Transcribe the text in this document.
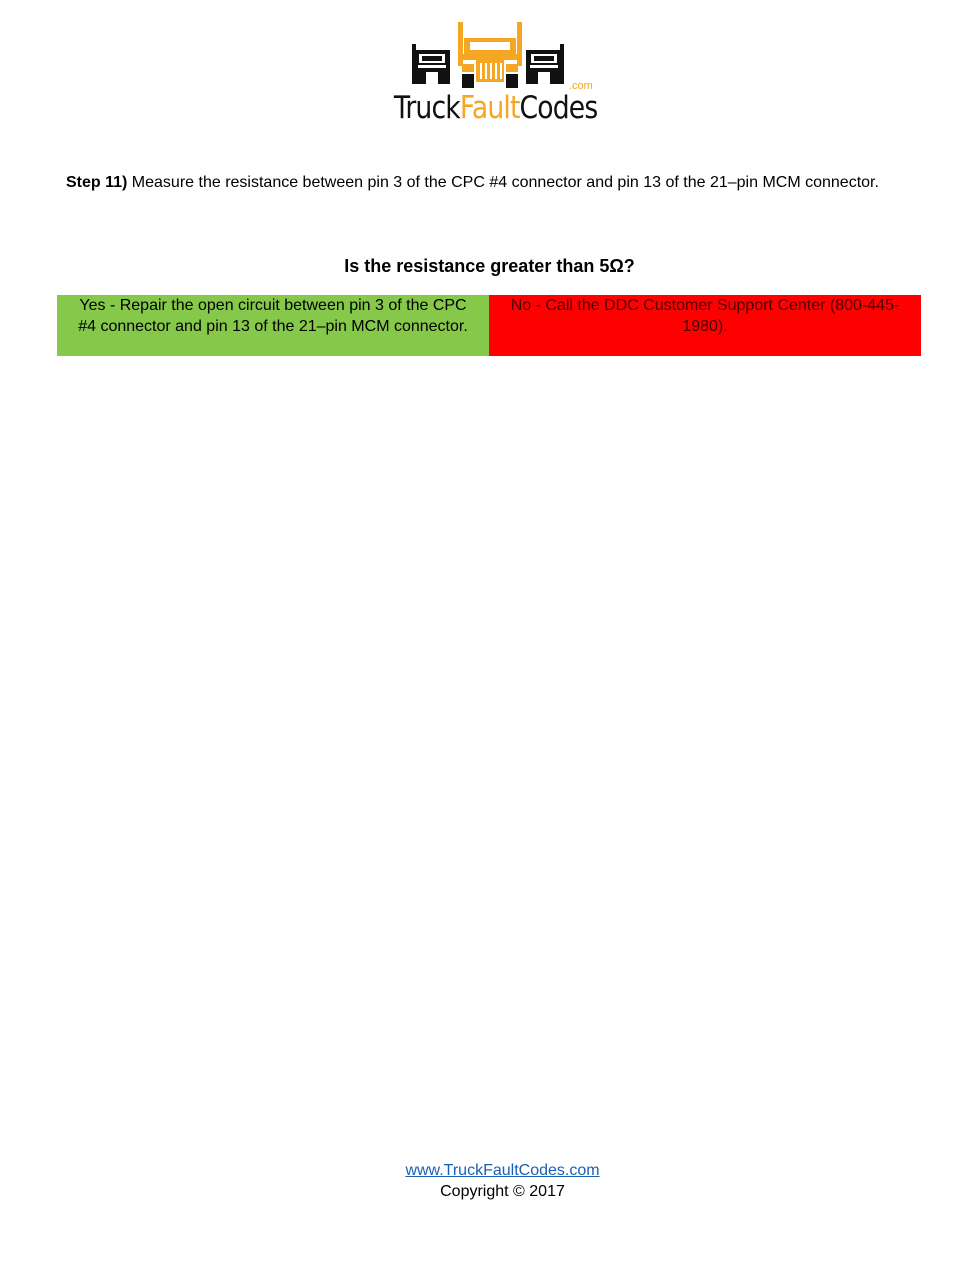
TruckFaultCodes
.com
Step 11) Measure the resistance between pin 3 of the CPC #4 connector and pin 13 of the 21–pin MCM connector.
Is the resistance greater than 5Ω?
Yes - Repair the open circuit between pin 3 of the CPC #4 connector and pin 13 of the 21–pin MCM connector.
No - Call the DDC Customer Support Center (800-445-1980).
www.TruckFaultCodes.com
Copyright © 2017
